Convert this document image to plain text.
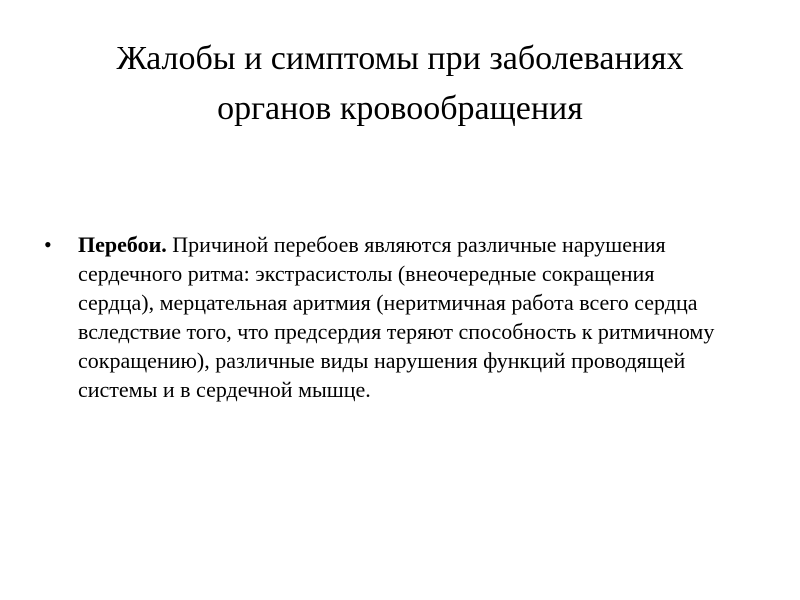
Жалобы и симптомы при заболеваниях
органов кровообращения
• Перебои. Причиной перебоев являются различные нарушения сердечного ритма: экстрасистолы (внеочередные сокращения сердца), мерцательная аритмия (неритмичная работа всего сердца вследствие того, что предсердия теряют способность к ритмичному сокращению), различные виды нарушения функций проводящей системы и в сердечной мышце.
